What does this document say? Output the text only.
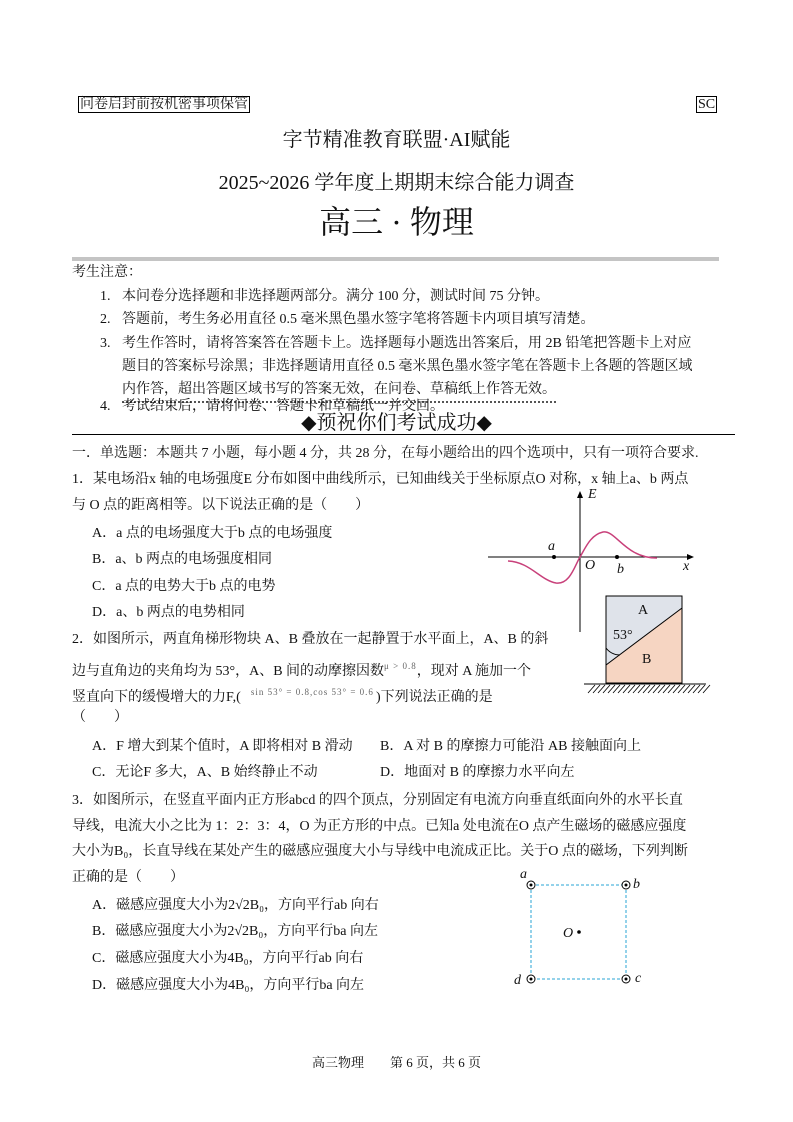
问卷启封前按机密事项保管	SC
字节精准教育联盟·AI赋能
2025~2026 学年度上期期末综合能力调查
高三 · 物理
考生注意：
1. 本问卷分选择题和非选择题两部分。满分 100 分，测试时间 75 分钟。
2. 答题前，考生务必用直径 0.5 毫米黑色墨水签字笔将答题卡内项目填写清楚。
3. 考生作答时，请将答案答在答题卡上。选择题每小题选出答案后，用 2B 铅笔把答题卡上对应
题目的答案标号涂黑；非选择题请用直径 0.5 毫米黑色墨水签字笔在答题卡上各题的答题区域
内作答，超出答题区域书写的答案无效，在问卷、草稿纸上作答无效。
4. 考试结束后，请将问卷、答题卡和草稿纸一并交回。
◆预祝你们考试成功◆
一．单选题：本题共 7 小题，每小题 4 分，共 28 分，在每小题给出的四个选项中，只有一项符合要求.
1．某电场沿x 轴的电场强度E 分布如图中曲线所示，已知曲线关于坐标原点O 对称，x 轴上a、b 两点
与 O 点的距离相等。以下说法正确的是（　　）
A．a 点的电场强度大于b 点的电场强度
B．a、b 两点的电场强度相同
C．a 点的电势大于b 点的电势
D．a、b 两点的电势相同
E
x
O
a
b
A
B
53°
2．如图所示，两直角梯形物块 A、B 叠放在一起静置于水平面上，A、B 的斜
边与直角边的夹角均为 53°，A、B 间的动摩擦因数$^{\mu > 0.8}$，现对 A 施加一个
竖直向下的缓慢增大的力F,( $^{sin 53^\circ = 0.8,cos 53^\circ = 0.6}$ )下列说法正确的是
（　　）
A．F 增大到某个值时，A 即将相对 B 滑动 B．A 对 B 的摩擦力可能沿 AB 接触面向上
C．无论F 多大，A、B 始终静止不动	D．地面对 B 的摩擦力水平向左
3．如图所示，在竖直平面内正方形abcd 的四个顶点，分别固定有电流方向垂直纸面向外的水平长直
导线，电流大小之比为 1：2：3：4，O 为正方形的中点。已知a 处电流在O 点产生磁场的磁感应强度
大小为B₀，长直导线在某处产生的磁感应强度大小与导线中电流成正比。关于O 点的磁场，下列判断
正确的是（　　）
A．磁感应强度大小为2√2B₀，方向平行ab 向右
B．磁感应强度大小为2√2B₀，方向平行ba 向左
C．磁感应强度大小为4B₀，方向平行ab 向右
D．磁感应强度大小为4B₀，方向平行ba 向左
a
b
c
d
O
高三物理　　第 6 页，共 6 页
